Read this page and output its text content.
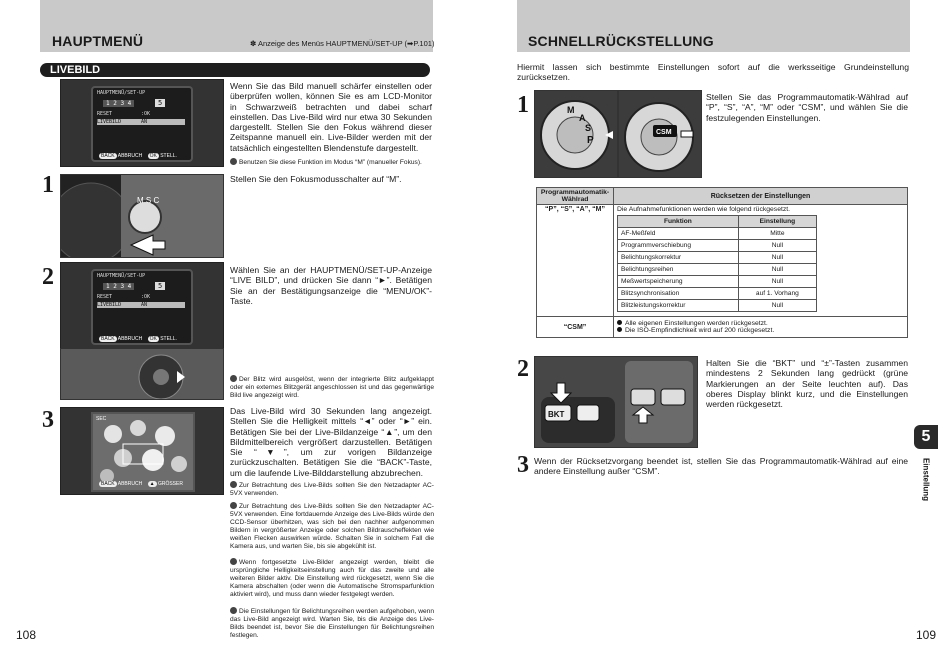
HAUPTMENÜ	✽ Anzeige des Menüs HAUPTMENÜ/SET-UP (➡P.101)
LIVEBILD
HAUPTMENÜ/SET-UP
1 2 3 4	5
RESET	:OK
LIVEBILD	AN
BACK ABBRUCH OK STELL.
Wenn Sie das Bild manuell schärfer einstellen oder überprüfen wollen, können Sie es am LCD-Monitor in Schwarzweiß betrachten und dabei scharf einstellen. Das Live-Bild wird nur etwa 30 Sekunden dargestellt. Stellen Sie den Fokus während dieser Zeitspanne manuell ein. Live-Bilder werden mit der tatsächlich eingestellten Blendenstufe dargestellt.
Benutzen Sie diese Funktion im Modus “M” (manueller Fokus).
1
M S C
Stellen Sie den Fokusmodusschalter auf “M”.
2	HAUPTMENÜ/SET-UP
1 2 3 4	5
RESET	:OK
LIVEBILD	AN
BACK ABBRUCH OK STELL.
Wählen Sie an der HAUPTMENÜ/SET-UP-Anzeige “LIVE BILD”, und drücken Sie dann “►”. Betätigen Sie an der Bestätigungsanzeige die “MENU/OK”-Taste.
Der Blitz wird ausgelöst, wenn der integrierte Blitz aufgeklappt oder ein externes Blitzgerät angeschlossen ist und das gegenwärtige Bild live angezeigt wird.
3	SEC
BACK ABBRUCH ▲ GRÖSSER
Das Live-Bild wird 30 Sekunden lang angezeigt. Stellen Sie die Helligkeit mittels “◄” oder “►” ein. Betätigen Sie bei der Live-Bildanzeige “▲”, um den Bildmittelbereich vergrößert darzustellen. Betätigen Sie “▼”, um zur vorigen Bildanzeige zurückzuschalten. Betätigen Sie die “BACK”-Taste, um die laufende Live-Bilddarstellung abzubrechen.
Zur Betrachtung des Live-Bilds sollten Sie den Netzadapter AC-5VX verwenden.
Zur Betrachtung des Live-Bilds sollten Sie den Netzadapter AC-5VX verwenden. Eine fortdauernde Anzeige des Live-Bilds würde den CCD-Sensor überhitzen, was sich bei den nachher aufgenommen Bildern in vergrößerter Anzeige oder solchen Bildrauscheffekten wie weißen Flecken auswirken würde. Schalten Sie in solchem Fall die Kamera aus, und warten Sie, bis sie abgekühlt ist.
Wenn fortgesetzte Live-Bilder angezeigt werden, bleibt die ursprüngliche Helligkeitseinstellung auch für das zweite und alle weiteren Bilder aktiv. Die Einstellung wird rückgesetzt, wenn Sie die Kamera abschalten (oder wenn die Automatische Stromsparfunktion aktiviert wird), und muss dann wieder festgelegt werden.
Die Einstellungen für Belichtungsreihen werden aufgehoben, wenn das Live-Bild angezeigt wird. Warten Sie, bis die Anzeige des Live-Bilds beendet ist, bevor Sie die Einstellungen für Belichtungsreihen festlegen.
108
SCHNELLRÜCKSTELLUNG
Hiermit lassen sich bestimmte Einstellungen sofort auf die werksseitige Grundeinstellung zurücksetzen.
1	M
A
S
P
CSM
Stellen Sie das Programmautomatik-Wählrad auf “P”, “S”, “A”, “M” oder “CSM”, und wählen Sie die festzulegenden Einstellungen.
Programmautomatik-Wählrad	Rücksetzen der Einstellungen
“P”, “S”, “A”, “M”	Die Aufnahmefunktionen werden wie folgend rückgesetzt.
Funktion	Einstellung
AF-Meßfeld	Mitte
Programmverschiebung	Null
Belichtungskorrektur	Null
Belichtungsreihen	Null
Meßwertspeicherung	Null
Blitzsynchronisation	auf 1. Vorhang
Blitzleistungskorrektur	Null

“CSM”	Alle eigenen Einstellungen werden rückgesetzt.
Die ISO-Empfindlichkeit wird auf 200 rückgesetzt.
2
BKT
Halten Sie die “BKT” und “±”-Tasten zusammen mindestens 2 Sekunden lang gedrückt (grüne Markierungen an der Seite leuchten auf). Das oberes Display blinkt kurz, und die Einstellungen werden rückgesetzt.
3 Wenn der Rücksetzvorgang beendet ist, stellen Sie das Programmautomatik-Wählrad auf eine andere Einstellung außer “CSM”.
5
Einstellung
109
